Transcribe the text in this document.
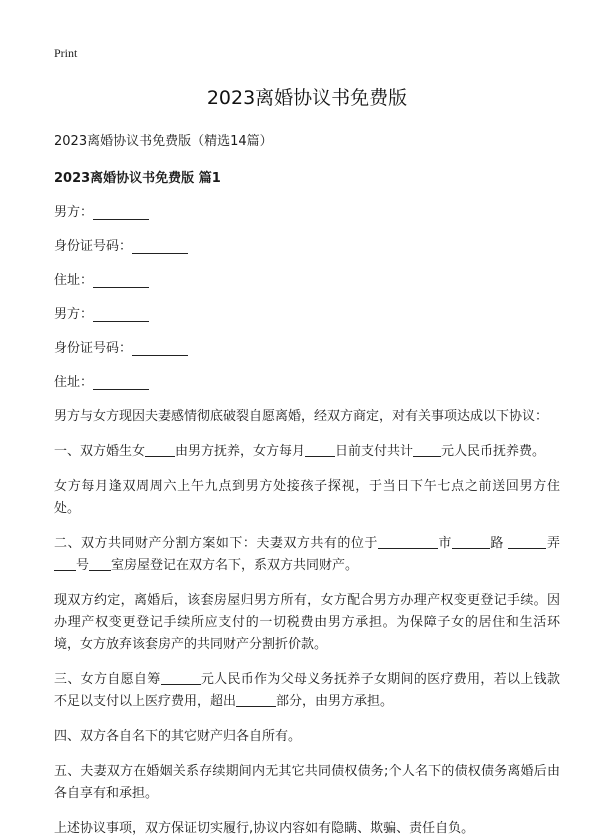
Print
2023离婚协议书免费版
2023离婚协议书免费版（精选14篇）
2023离婚协议书免费版 篇1
男方：
身份证号码：
住址：
男方：
身份证号码：
住址：

男方与女方现因夫妻感情彻底破裂自愿离婚，经双方商定，对有关事项达成以下协议：

一、双方婚生女 由男方抚养，女方每月 日前支付共计 元人民币抚养费。

女方每月逢双周周六上午九点到男方处接孩子探视，于当日下午七点之前送回男方住处。

二、双方共同财产分割方案如下：夫妻双方共有的位于	市	路	弄号 室房屋登记在双方名下，系双方共同财产。

现双方约定，离婚后，该套房屋归男方所有，女方配合男方办理产权变更登记手续。因办理产权变更登记手续所应支付的一切税费由男方承担。为保障子女的居住和生活环境，女方放弃该套房产的共同财产分割折价款。

三、女方自愿自筹	元人民币作为父母义务抚养子女期间的医疗费用，若以上钱款不足以支付以上医疗费用，超出	部分，由男方承担。

四、双方各自名下的其它财产归各自所有。

五、夫妻双方在婚姻关系存续期间内无其它共同债权债务;个人名下的债权债务离婚后由各自享有和承担。

上述协议事项，双方保证切实履行,协议内容如有隐瞒、欺骗、责任自负。
